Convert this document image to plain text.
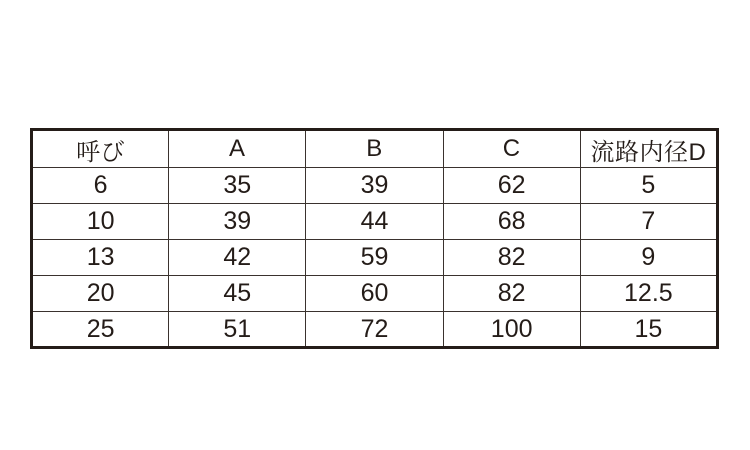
呼び	A	B	C	流路内径D
6	35	39	62	5
10	39	44	68	7
13	42	59	82	9
20	45	60	82	12.5
25	51	72	100	15
